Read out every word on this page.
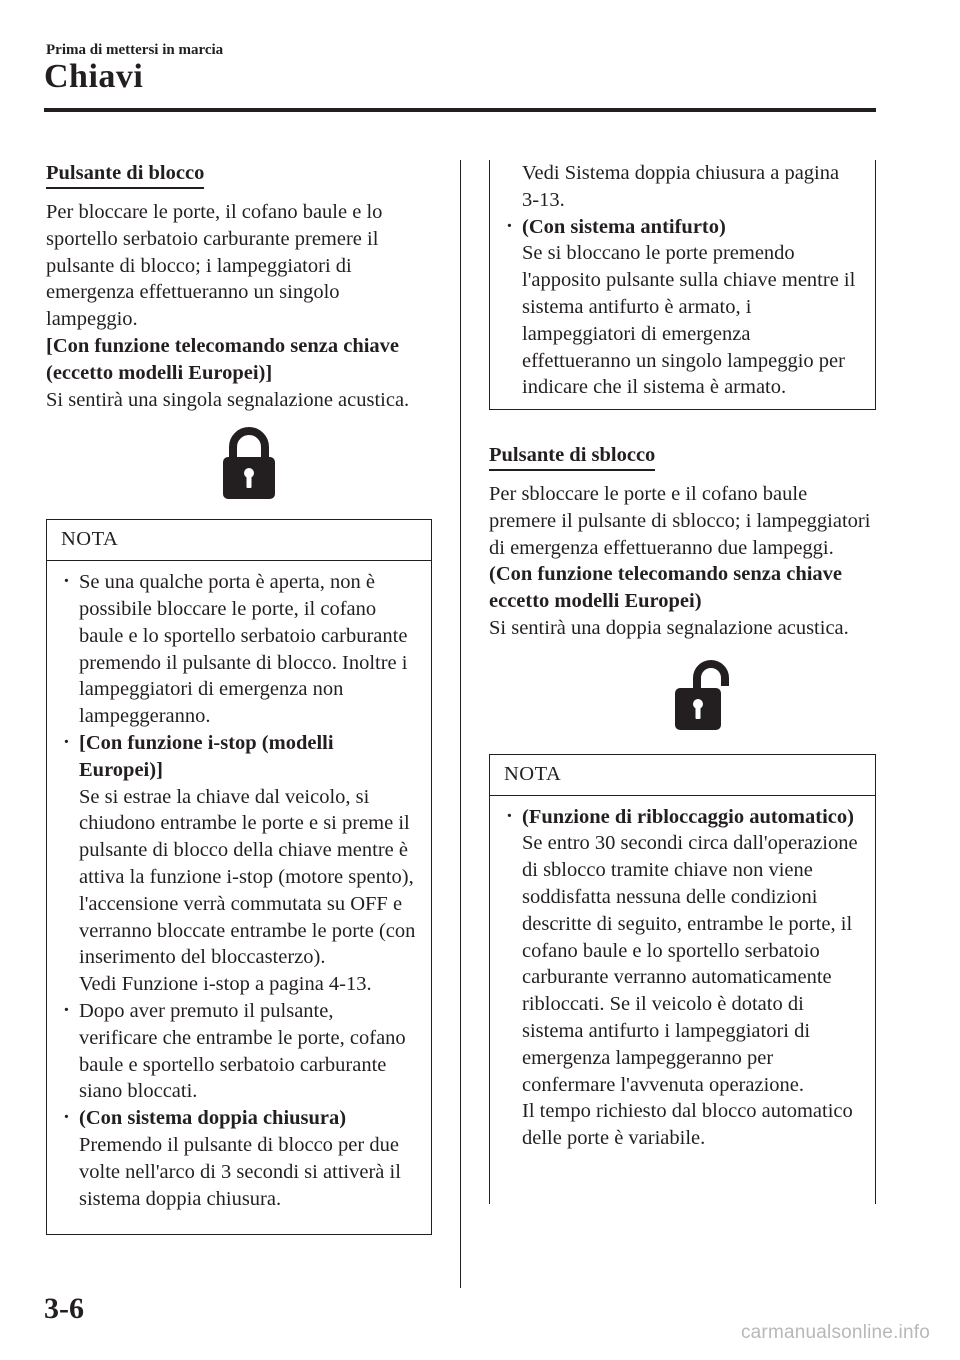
Prima di mettersi in marcia
Chiavi
Pulsante di blocco

Per bloccare le porte, il cofano baule e lo sportello serbatoio carburante premere il pulsante di blocco; i lampeggiatori di emergenza effettueranno un singolo lampeggio.

[Con funzione telecomando senza chiave (eccetto modelli Europei)]

Si sentirà una singola segnalazione acustica.

NOTA
· Se una qualche porta è aperta, non è possibile bloccare le porte, il cofano baule e lo sportello serbatoio carburante premendo il pulsante di blocco. Inoltre i lampeggiatori di emergenza non lampeggeranno.
· [Con funzione i-stop (modelli Europei)]
Se si estrae la chiave dal veicolo, si chiudono entrambe le porte e si preme il pulsante di blocco della chiave mentre è attiva la funzione i-stop (motore spento), l'accensione verrà commutata su OFF e verranno bloccate entrambe le porte (con inserimento del bloccasterzo).
Vedi Funzione i-stop a pagina 4-13.
· Dopo aver premuto il pulsante, verificare che entrambe le porte, cofano baule e sportello serbatoio carburante siano bloccati.
· (Con sistema doppia chiusura)
Premendo il pulsante di blocco per due volte nell'arco di 3 secondi si attiverà il sistema doppia chiusura.
Vedi Sistema doppia chiusura a pagina 3-13.
· (Con sistema antifurto)
Se si bloccano le porte premendo l'apposito pulsante sulla chiave mentre il sistema antifurto è armato, i lampeggiatori di emergenza effettueranno un singolo lampeggio per indicare che il sistema è armato.
Pulsante di sblocco

Per sbloccare le porte e il cofano baule premere il pulsante di sblocco; i lampeggiatori di emergenza effettueranno due lampeggi.

(Con funzione telecomando senza chiave eccetto modelli Europei)

Si sentirà una doppia segnalazione acustica.

NOTA
· (Funzione di ribloccaggio automatico)
Se entro 30 secondi circa dall'operazione di sblocco tramite chiave non viene soddisfatta nessuna delle condizioni descritte di seguito, entrambe le porte, il cofano baule e lo sportello serbatoio carburante verranno automaticamente ribloccati. Se il veicolo è dotato di sistema antifurto i lampeggiatori di emergenza lampeggeranno per confermare l'avvenuta operazione.
Il tempo richiesto dal blocco automatico delle porte è variabile.
3-6
carmanualsonline.info
